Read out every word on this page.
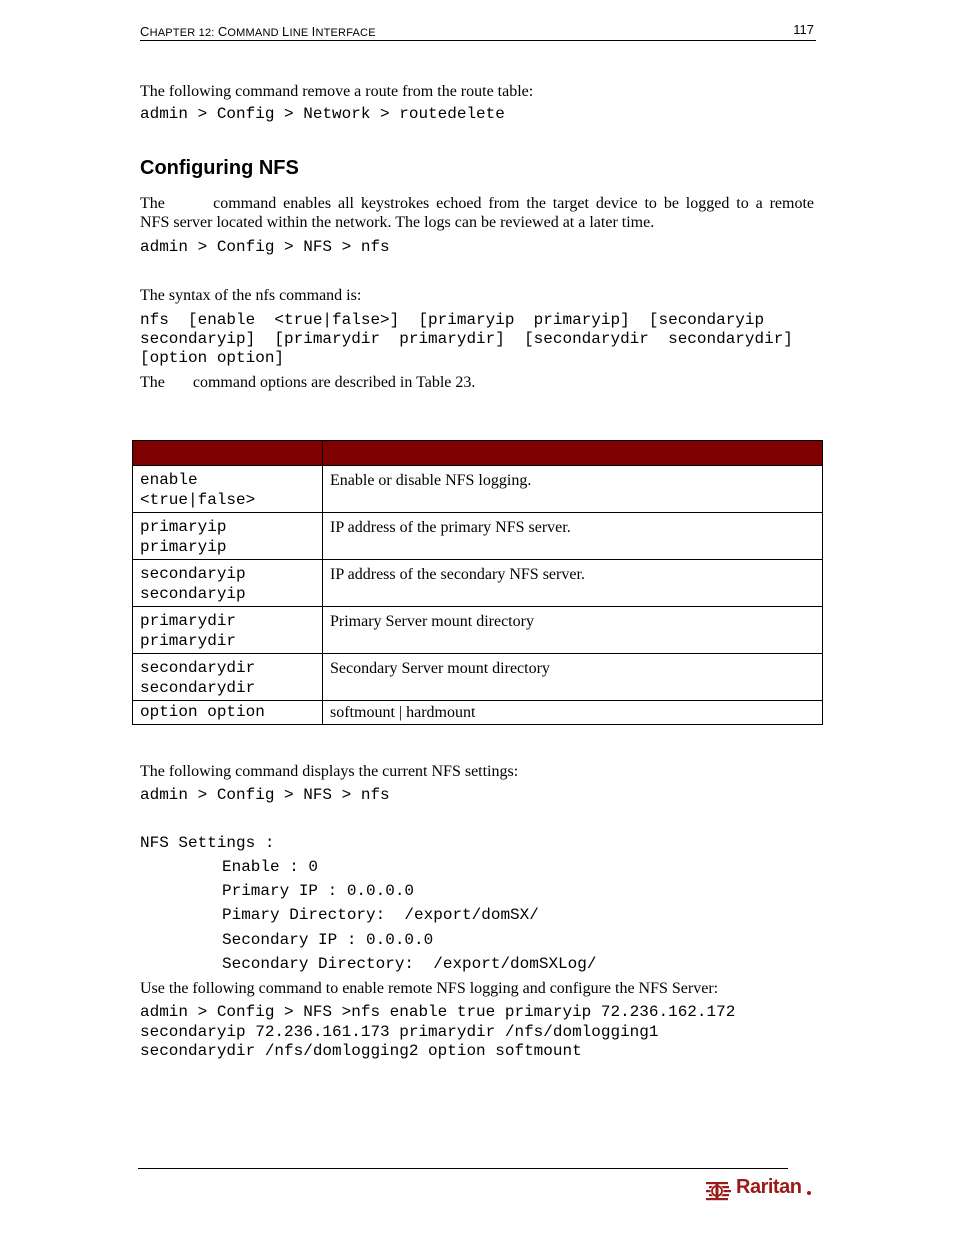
CHAPTER 12: COMMAND LINE INTERFACE	117
The following command remove a route from the route table:
admin > Config > Network > routedelete
Configuring NFS
The       command enables all keystrokes echoed from the target device to be logged to a remote
NFS server located within the network. The logs can be reviewed at a later time.
admin > Config > NFS > nfs
The syntax of the nfs command is:
nfs  [enable  <true|false>]  [primaryip  primaryip]  [secondaryip
secondaryip]  [primarydir  primarydir]  [secondarydir  secondarydir]
[option option]
The       command options are described in Table 23.

enable
<true|false>	Enable or disable NFS logging.

primaryip
primaryip	IP address of the primary NFS server.

secondaryip
secondaryip	IP address of the secondary NFS server.

primarydir
primarydir	Primary Server mount directory

secondarydir
secondarydir	Secondary Server mount directory

option option	softmount | hardmount
The following command displays the current NFS settings:
admin > Config > NFS > nfs
NFS Settings :
Enable : 0
Primary IP : 0.0.0.0
Pimary Directory:  /export/domSX/
Secondary IP : 0.0.0.0
Secondary Directory:  /export/domSXLog/
Use the following command to enable remote NFS logging and configure the NFS Server:
admin > Config > NFS >nfs enable true primaryip 72.236.162.172
secondaryip 72.236.161.173 primarydir /nfs/domlogging1
secondarydir /nfs/domlogging2 option softmount
Raritan
